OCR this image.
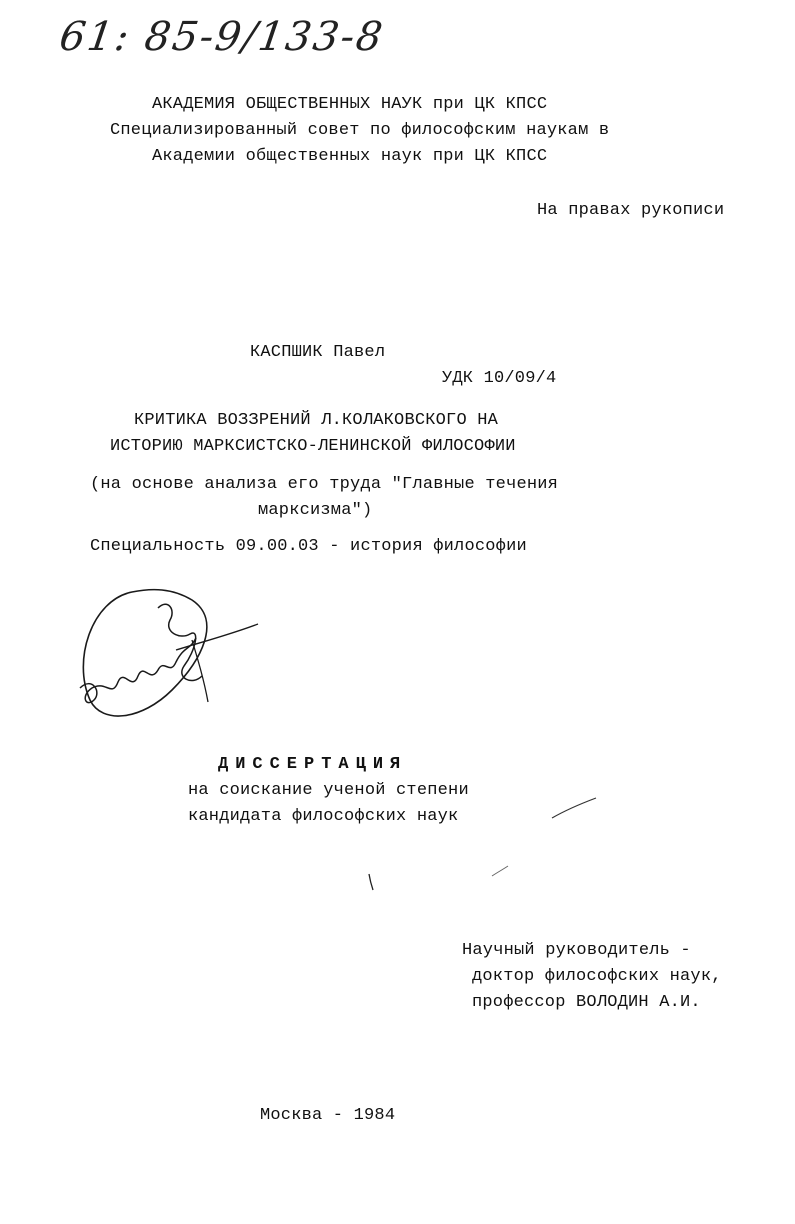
61: 85-9/133-8
АКАДЕМИЯ ОБЩЕСТВЕННЫХ НАУК при ЦК КПСС
Специализированный совет по философским наукам в
Академии общественных наук при ЦК КПСС
На правах рукописи
КАСПШИК Павел
УДК 10/09/4
КРИТИКА ВОЗЗРЕНИЙ Л.КОЛАКОВСКОГО НА
ИСТОРИЮ МАРКСИСТСКО-ЛЕНИНСКОЙ ФИЛОСОФИИ
(на основе анализа его труда "Главные течения
марксизма")
Специальность 09.00.03 - история философии
ДИССЕРТАЦИЯ
на соискание ученой степени
кандидата философских наук
Научный руководитель -
доктор философских наук,
профессор ВОЛОДИН А.И.
Москва - 1984
